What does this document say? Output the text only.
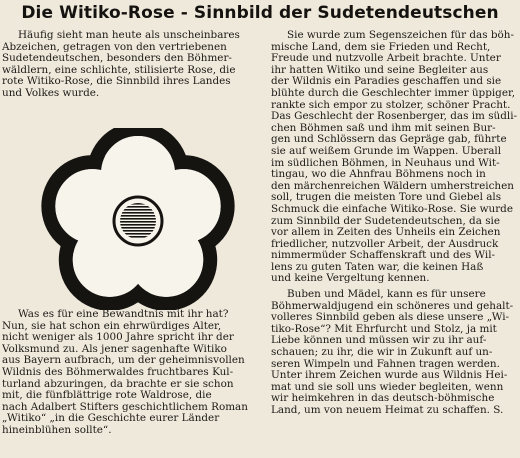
Die Witiko-Rose - Sinnbild der Sudetendeutschen

Häufig sieht man heute als unscheinbares
Abzeichen, getragen von den vertriebenen
Sudetendeutschen, besonders den Böhmer-
wäldlern, eine schlichte, stilisierte Rose, die
rote Witiko-Rose, die Sinnbild ihres Landes
und Volkes wurde.

Was es für eine Bewandtnis mit ihr hat?
Nun, sie hat schon ein ehrwürdiges Alter,
nicht weniger als 1000 Jahre spricht ihr der
Volksmund zu. Als jener sagenhafte Witiko
aus Bayern aufbrach, um der geheimnisvollen
Wildnis des Böhmerwaldes fruchtbares Kul-
turland abzuringen, da brachte er sie schon
mit, die fünfblättrige rote Waldrose, die
nach Adalbert Stifters geschichtlichem Roman
„Witiko“ „in die Geschichte eurer Länder
hineinblühen sollte“.

Sie wurde zum Segenszeichen für das böh-
mische Land, dem sie Frieden und Recht,
Freude und nutzvolle Arbeit brachte. Unter
ihr hatten Witiko und seine Begleiter aus
der Wildnis ein Paradies geschaffen und sie
blühte durch die Geschlechter immer üppiger,
rankte sich empor zu stolzer, schöner Pracht.
Das Geschlecht der Rosenberger, das im südli-
chen Böhmen saß und ihm mit seinen Bur-
gen und Schlössern das Gepräge gab, führte
sie auf weißem Grunde im Wappen. Überall
im südlichen Böhmen, in Neuhaus und Wit-
tingau, wo die Ahnfrau Böhmens noch in
den märchenreichen Wäldern umherstreichen
soll, trugen die meisten Tore und Giebel als
Schmuck die einfache Witiko-Rose. Sie wurde
zum Sinnbild der Sudetendeutschen, da sie
vor allem in Zeiten des Unheils ein Zeichen
friedlicher, nutzvoller Arbeit, der Ausdruck
nimmermüder Schaffenskraft und des Wil-
lens zu guten Taten war, die keinen Haß
und keine Vergeltung kennen.

Buben und Mädel, kann es für unsere
Böhmerwaldjugend ein schöneres und gehalt-
volleres Sinnbild geben als diese unsere „Wi-
tiko-Rose“? Mit Ehrfurcht und Stolz, ja mit
Liebe können und müssen wir zu ihr auf-
schauen; zu ihr, die wir in Zukunft auf un-
seren Wimpeln und Fahnen tragen werden.
Unter ihrem Zeichen wurde aus Wildnis Hei-
mat und sie soll uns wieder begleiten, wenn
wir heimkehren in das deutsch-böhmische
Land, um von neuem Heimat zu schaffen. S.
